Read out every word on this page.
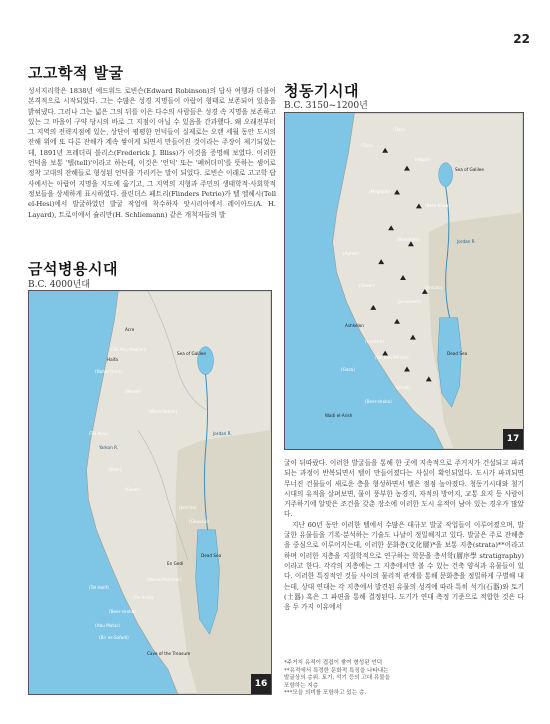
22
고고학적 발굴

성서지리학은 1838년 에드워드 로빈슨(Edward Robinson)의 답사 여행과 더불어 본격적으로 시작되었다. 그는 수많은 성경 지명들이 아랍어 형태로 보존되어 있음을 밝혀냈다. 그러나 그는 넓은 그의 뒤를 이은 다수의 사람들은 성경 속 지명을 보존하고 있는 그 마을이 구약 당시의 바로 그 지점이 아닐 수 있음을 간과했다. 왜 오래전부터 그 지역의 전략지점에 있는, 상단이 평평한 언덕들이 실제로는 오랜 세월 동안 도시의 잔해 위에 또 다른 잔해가 계속 쌓이게 되면서 만들어진 것이라는 주장이 제기되었는데, 1891년 프레더릭 블리스(Frederick J. Bliss)가 이것을 증명해 보였다. 이러한 언덕을 보통 '텔(tell)'이라고 하는데, 이것은 '언덕' 또는 '폐허더미'를 뜻하는 셈어로 정착 고대의 잔해들로 형성된 언덕을 가리키는 말이 되었다. 로빈슨 이래로 고고학 답사에서는 아랍어 지명을 지도에 옮기고, 그 지역의 지형과 주민의 생태학적·사회학적 정보들을 상세하게 표시하였다. 플린더스 페트리(Flinders Petrie)가 텔 엘헤시(Tell el-Hesi)에서 발굴하였던 발굴 작업에 착수하자 앗시리아에서 레이아드(A. H. Layard), 트로이에서 슐리만(H. Schliemann) 같은 개척자들의 발

금석병용시대
B.C. 4000년대
Acre
(Tel Abu Hawam)
Haifa
(Nahal Oren)
(Meser)
(Wadi Rabah)
(Tel Aviv)
Yarkon R.
(Azor)
(Gezer)
Sea of Galilee
Jordan R.
(Jericho)
(Ghassul)
Dead Sea
En Gedi
(Nahal Mishmar)
(Tel Arad)
(Beer-sheba)
(Abu Matar)
(Bir es-Safadi)
(Tel Halif)
Cave of the Treasure
16
청동기시대
B.C. 3150~1200년
(Dan)
(Tyre)
(Hazor)
Sea of Galilee
(Megiddo)
(Beth Shan)
Jordan R.
(Shechem)
(Aphek)
(Gezer)	(Jericho)
(Jerusalem)
Ashkelon
(Lachish)
Dead Sea
(Tel Beit Mirsim)
(Gaza)
(Arad)
(Beer-sheba)
Wadi el-Arish
17

굴이 뒤따랐다. 이러한 발굴들을 통해 한 곳에 지속적으로 주거지가 건설되고 파괴되는 과정이 반복되면서 텔이 만들어졌다는 사실이 확인되었다. 도시가 파괴되면 무너진 건물들이 새로운 층을 형성하면서 텔은 점점 높아졌다. 청동기시대와 철기시대의 유적을 살펴보면, 물이 풍부한 농경지, 자적의 방어지, 교통 요지 등 사람이 거주하기에 알맞은 조건을 갖춘 장소에 이러한 도시 유적이 남아 있는 경우가 많았다.

지난 60년 동안 이러한 텔에서 수많은 대규모 발굴 작업들이 이루어졌으며, 발굴한 유물들을 기록·분석하는 기술도 나날이 정밀해지고 있다. 발굴은 주로 잔해층을 중심으로 이루어지는데, 이러한 문화층(文化層)*을 보통 지층(strata)**이라고 하며 이러한 지층을 지질학적으로 연구하는 학문을 층서학(層序學 stratigraphy)이라고 한다. 각각의 지층에는 그 지층에서만 볼 수 있는 건축 양식과 유물들이 있다. 이러한 특징적인 것들 사이의 물리적 관계를 통해 문화층을 정밀하게 구별해 내는데, 상대 연대는 각 지층에서 발견된 유물의 성격에 따라 특히 석기(石器)와 토기(土器) 혹은 그 파편을 통해 결정된다. 도기가 연대 측정 기준으로 적합한 것은 다음 두 가지 이유에서

*주거지 유적이 겹겹이 쌓여 형성된 언덕
**유적에서 특정한 문화적 특징을 나타내는
발굴상의 층위. 토기, 석기 등의 고대 유물을
포함하는 지층
***모을 의미를 포함하고 있는 층.
